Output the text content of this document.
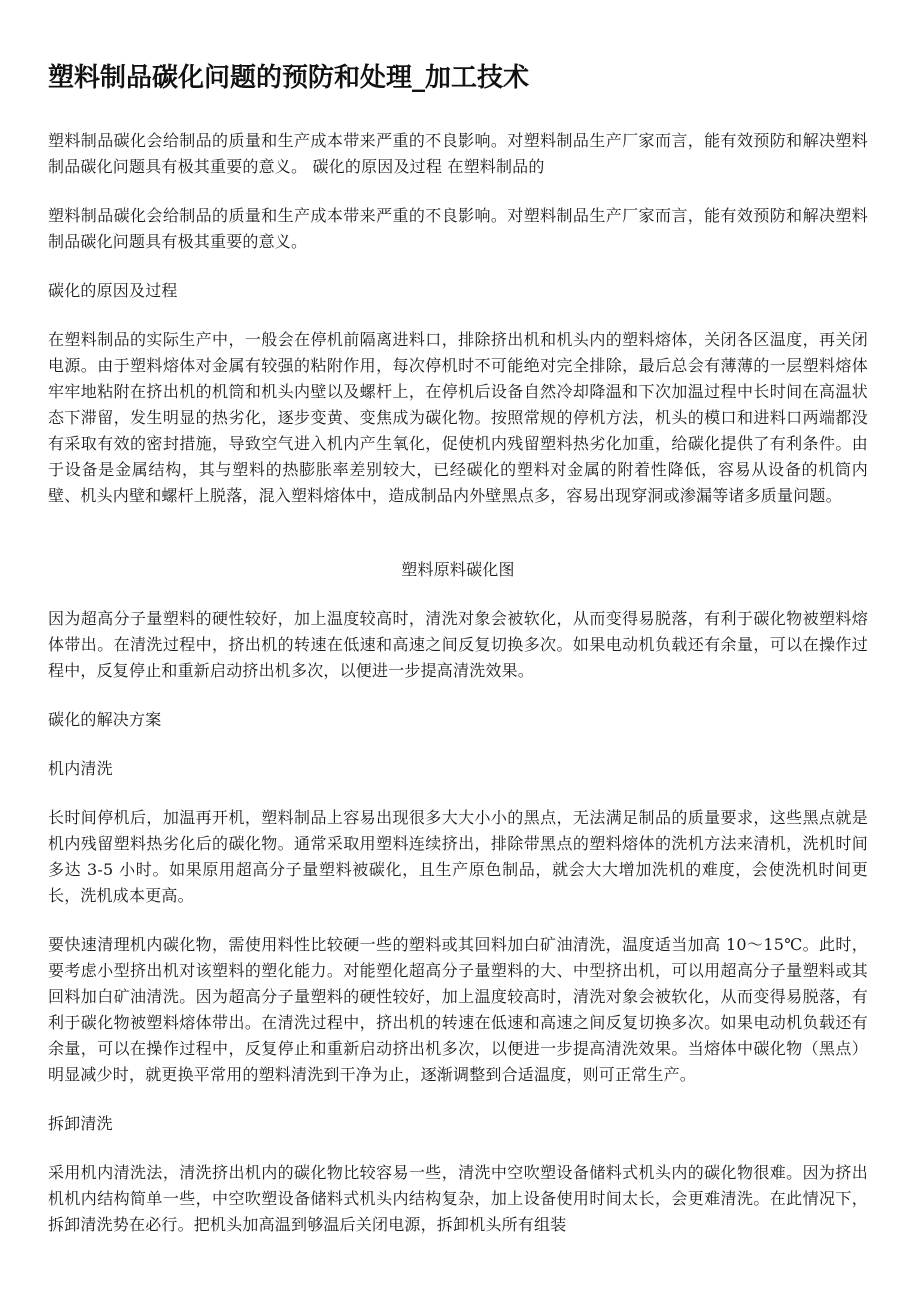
塑料制品碳化问题的预防和处理_加工技术

塑料制品碳化会给制品的质量和生产成本带来严重的不良影响。对塑料制品生产厂家而言，能有效预防和解决塑料制品碳化问题具有极其重要的意义。 碳化的原因及过程 在塑料制品的

塑料制品碳化会给制品的质量和生产成本带来严重的不良影响。对塑料制品生产厂家而言，能有效预防和解决塑料制品碳化问题具有极其重要的意义。

碳化的原因及过程

在塑料制品的实际生产中，一般会在停机前隔离进料口，排除挤出机和机头内的塑料熔体，关闭各区温度，再关闭电源。由于塑料熔体对金属有较强的粘附作用，每次停机时不可能绝对完全排除，最后总会有薄薄的一层塑料熔体牢牢地粘附在挤出机的机筒和机头内壁以及螺杆上，在停机后设备自然冷却降温和下次加温过程中长时间在高温状态下滞留，发生明显的热劣化，逐步变黄、变焦成为碳化物。按照常规的停机方法，机头的模口和进料口两端都没有采取有效的密封措施，导致空气进入机内产生氧化，促使机内残留塑料热劣化加重，给碳化提供了有利条件。由于设备是金属结构，其与塑料的热膨胀率差别较大，已经碳化的塑料对金属的附着性降低，容易从设备的机筒内壁、机头内壁和螺杆上脱落，混入塑料熔体中，造成制品内外壁黑点多，容易出现穿洞或渗漏等诸多质量问题。

塑料原料碳化图

因为超高分子量塑料的硬性较好，加上温度较高时，清洗对象会被软化，从而变得易脱落，有利于碳化物被塑料熔体带出。在清洗过程中，挤出机的转速在低速和高速之间反复切换多次。如果电动机负载还有余量，可以在操作过程中，反复停止和重新启动挤出机多次，以便进一步提高清洗效果。

碳化的解决方案

机内清洗

长时间停机后，加温再开机，塑料制品上容易出现很多大大小小的黑点，无法满足制品的质量要求，这些黑点就是机内残留塑料热劣化后的碳化物。通常采取用塑料连续挤出，排除带黑点的塑料熔体的洗机方法来清机，洗机时间多达 3-5 小时。如果原用超高分子量塑料被碳化，且生产原色制品，就会大大增加洗机的难度，会使洗机时间更长，洗机成本更高。

要快速清理机内碳化物，需使用料性比较硬一些的塑料或其回料加白矿油清洗，温度适当加高 10～15℃。此时，要考虑小型挤出机对该塑料的塑化能力。对能塑化超高分子量塑料的大、中型挤出机，可以用超高分子量塑料或其回料加白矿油清洗。因为超高分子量塑料的硬性较好，加上温度较高时，清洗对象会被软化，从而变得易脱落，有利于碳化物被塑料熔体带出。在清洗过程中，挤出机的转速在低速和高速之间反复切换多次。如果电动机负载还有余量，可以在操作过程中，反复停止和重新启动挤出机多次，以便进一步提高清洗效果。当熔体中碳化物（黑点）明显减少时，就更换平常用的塑料清洗到干净为止，逐渐调整到合适温度，则可正常生产。

拆卸清洗

采用机内清洗法，清洗挤出机内的碳化物比较容易一些，清洗中空吹塑设备储料式机头内的碳化物很难。因为挤出机机内结构简单一些，中空吹塑设备储料式机头内结构复杂，加上设备使用时间太长，会更难清洗。在此情况下，拆卸清洗势在必行。把机头加高温到够温后关闭电源，拆卸机头所有组装
